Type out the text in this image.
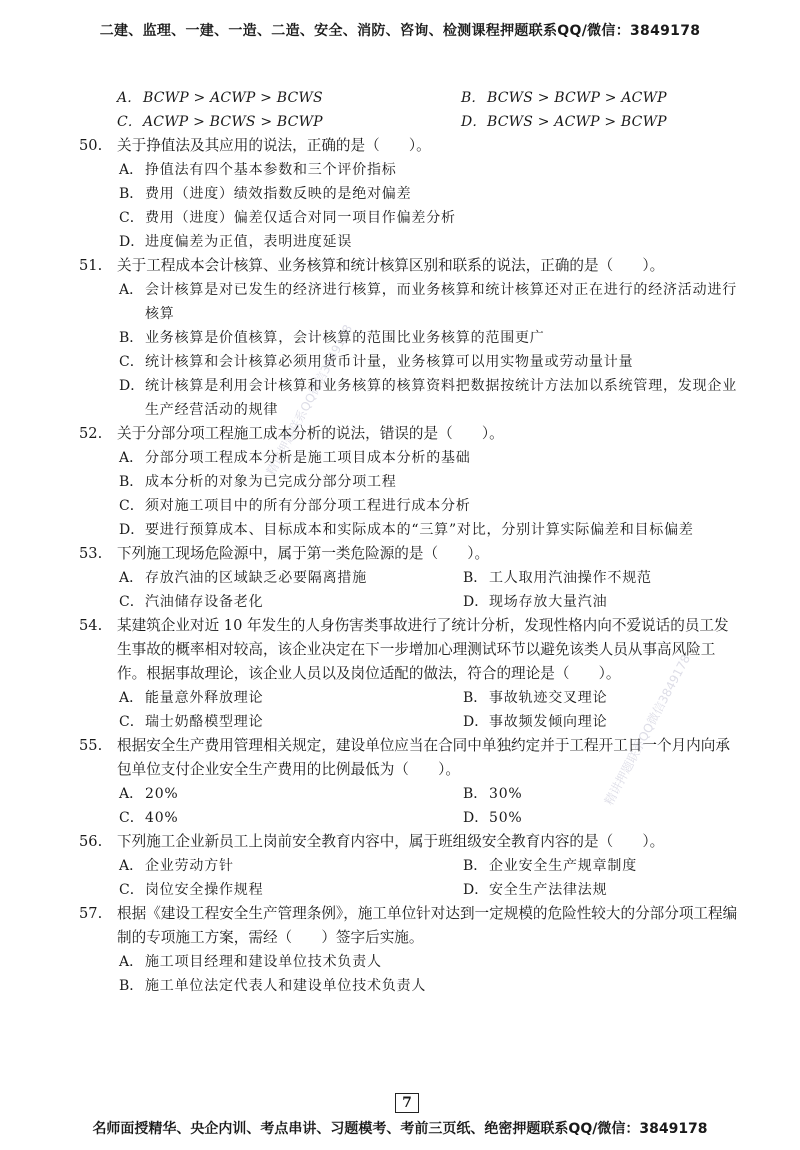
二建、监理、一建、一造、二造、安全、消防、咨询、检测课程押题联系QQ/微信：3849178
A． BCWP > ACWP > BCWS	B． BCWS > BCWP > ACWP
C． ACWP > BCWS > BCWP	D． BCWS > ACWP > BCWP
50. 关于挣值法及其应用的说法，正确的是（　　）。
A． 挣值法有四个基本参数和三个评价指标
B． 费用（进度）绩效指数反映的是绝对偏差
C． 费用（进度）偏差仅适合对同一项目作偏差分析
D． 进度偏差为正值，表明进度延误
51. 关于工程成本会计核算、业务核算和统计核算区别和联系的说法，正确的是（　　）。
A． 会计核算是对已发生的经济进行核算，而业务核算和统计核算还对正在进行的经济活动进行核算
B． 业务核算是价值核算，会计核算的范围比业务核算的范围更广
C． 统计核算和会计核算必须用货币计量，业务核算可以用实物量或劳动量计量
D． 统计核算是利用会计核算和业务核算的核算资料把数据按统计方法加以系统管理，发现企业生产经营活动的规律
52. 关于分部分项工程施工成本分析的说法，错误的是（　　）。
A． 分部分项工程成本分析是施工项目成本分析的基础
B． 成本分析的对象为已完成分部分项工程
C． 须对施工项目中的所有分部分项工程进行成本分析
D． 要进行预算成本、目标成本和实际成本的“三算”对比，分别计算实际偏差和目标偏差
53. 下列施工现场危险源中，属于第一类危险源的是（　　）。
A． 存放汽油的区域缺乏必要隔离措施	B． 工人取用汽油操作不规范
C． 汽油储存设备老化	D． 现场存放大量汽油
54. 某建筑企业对近 10 年发生的人身伤害类事故进行了统计分析，发现性格内向不爱说话的员工发生事故的概率相对较高，该企业决定在下一步增加心理测试环节以避免该类人员从事高风险工作。根据事故理论，该企业人员以及岗位适配的做法，符合的理论是（　　）。
A． 能量意外释放理论	B． 事故轨迹交叉理论
C． 瑞士奶酪模型理论	D． 事故频发倾向理论
55. 根据安全生产费用管理相关规定，建设单位应当在合同中单独约定并于工程开工日一个月内向承包单位支付企业安全生产费用的比例最低为（　　）。
A． 20%	B． 30%
C． 40%	D． 50%
56. 下列施工企业新员工上岗前安全教育内容中，属于班组级安全教育内容的是（　　）。
A． 企业劳动方针	B． 企业安全生产规章制度
C． 岗位安全操作规程	D． 安全生产法律法规
57. 根据《建设工程安全生产管理条例》，施工单位针对达到一定规模的危险性较大的分部分项工程编制的专项施工方案，需经（　　）签字后实施。
A． 施工项目经理和建设单位技术负责人
B． 施工单位法定代表人和建设单位技术负责人
精讲押题联系QQ微信3849178
精讲押题联系QQ微信3849178
7
名师面授精华、央企内训、考点串讲、习题模考、考前三页纸、绝密押题联系QQ/微信：3849178
